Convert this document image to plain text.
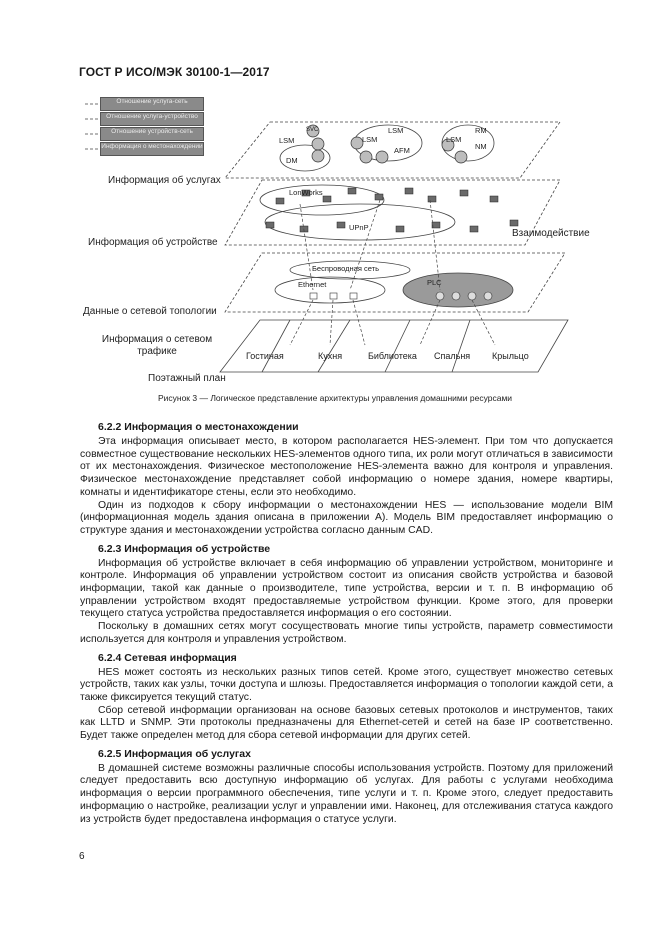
ГОСТ Р ИСО/МЭК 30100-1—2017
Отношение услуга-сеть
Отношение услуга-устройство
Отношение устройств-сеть
Информация о местонахождении
SVC
LSM
DM
LSM
LSM
AFM
LSM
RM
NM
LonWorks
UPnP
Беспроводная сеть
Ethernet	PLC
Информация об услугах
Информация об устройстве
Данные о сетевой топологии
Информация о сетевом трафике
Поэтажный план
Взаимодействие
Гостиная	Кухня	Библиотека Спальня Крыльцо
Рисунок 3 — Логическое представление архитектуры управления домашними ресурсами
6.2.2 Информация о местонахождении

Эта информация описывает место, в котором располагается HES-элемент. При том что допускается совместное существование нескольких HES-элементов одного типа, их роли могут отличаться в зависимости от их местонахождения. Физическое местоположение HES-элемента важно для контроля и управления. Физическое местонахождение представляет собой информацию о номере здания, номере квартиры, комнаты и идентификаторе стены, если это необходимо.

Один из подходов к сбору информации о местонахождении HES — использование модели BIM (информационная модель здания описана в приложении А). Модель BIM предоставляет информацию о структуре здания и местонахождении устройства согласно данным CAD.

6.2.3 Информация об устройстве

Информация об устройстве включает в себя информацию об управлении устройством, мониторинге и контроле. Информация об управлении устройством состоит из описания свойств устройства и базовой информации, такой как данные о производителе, типе устройства, версии и т. п. В информацию об управлении устройством входят предоставляемые устройством функции. Кроме этого, для проверки текущего статуса устройства предоставляется информация о его состоянии.

Поскольку в домашних сетях могут сосуществовать многие типы устройств, параметр совместимости используется для контроля и управления устройством.

6.2.4 Сетевая информация

HES может состоять из нескольких разных типов сетей. Кроме этого, существует множество сетевых устройств, таких как узлы, точки доступа и шлюзы. Предоставляется информация о топологии каждой сети, а также фиксируется текущий статус.

Сбор сетевой информации организован на основе базовых сетевых протоколов и инструментов, таких как LLTD и SNMP. Эти протоколы предназначены для Ethernet-сетей и сетей на базе IP соответственно. Будет также определен метод для сбора сетевой информации для других сетей.

6.2.5 Информация об услугах

В домашней системе возможны различные способы использования устройств. Поэтому для приложений следует предоставить всю доступную информацию об услугах. Для работы с услугами необходима информация о версии программного обеспечения, типе услуги и т. п. Кроме этого, следует предоставить информацию о настройке, реализации услуг и управлении ими. Наконец, для отслеживания статуса каждого из устройств будет предоставлена информация о статусе услуги.

6
